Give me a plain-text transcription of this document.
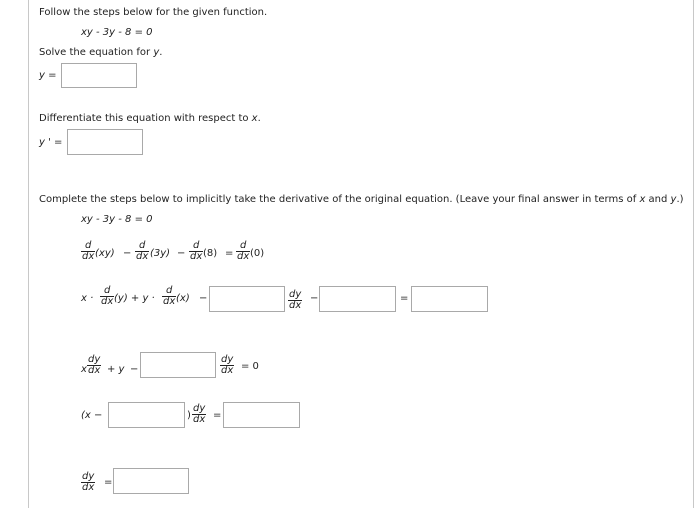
Follow the steps below for the given function.
xy - 3y - 8 = 0
Solve the equation for y.
y =
Differentiate this equation with respect to x.
y ' =
Complete the steps below to implicitly take the derivative of the original equation. (Leave your final answer in terms of x and y.)
xy - 3y - 8 = 0
$\frac{d}{dx} (xy) - \frac{d}{dx} (3y) - \frac{d}{dx} (8) = \frac{d}{dx} (0)$
$x \cdot \frac{d}{dx} (y) + y \cdot \frac{d}{dx} (x)$ −	$\frac{dy}{dx}$ −	=
x $\frac{dy}{dx} + y$ −	$\frac{dy}{dx} = 0$
(x −	) $\frac{dy}{dx}$ =
$\frac{dy}{dx}$ =
